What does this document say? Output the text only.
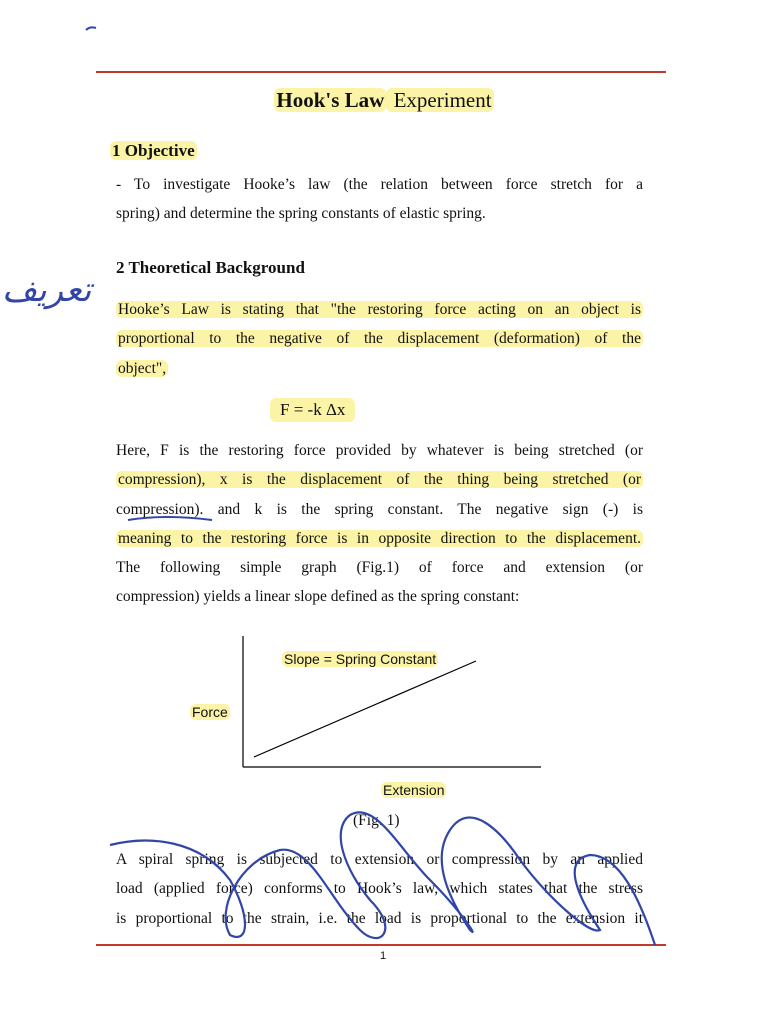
Hook's Law Experiment
1 Objective
- To investigate Hooke’s law (the relation between force stretch for a
spring) and determine the spring constants of elastic spring.
2 Theoretical Background
Hooke’s Law is stating that "the restoring force acting on an object is
proportional to the negative of the displacement (deformation) of the
object",
F = -k Δx
Here, F is the restoring force provided by whatever is being stretched (or
compression), x is the displacement of the thing being stretched (or
compression). and k is the spring constant. The negative sign (-) is
meaning to the restoring force is in opposite direction to the displacement.
The following simple graph (Fig.1) of force and extension (or
compression) yields a linear slope defined as the spring constant:
Slope = Spring Constant
Force
Extension
(Fig. 1)
A spiral spring is subjected to extension or compression by an applied
load (applied force) conforms to Hook’s law, which states that the stress
is proportional to the strain, i.e. the load is proportional to the extension it
1
تعريف
